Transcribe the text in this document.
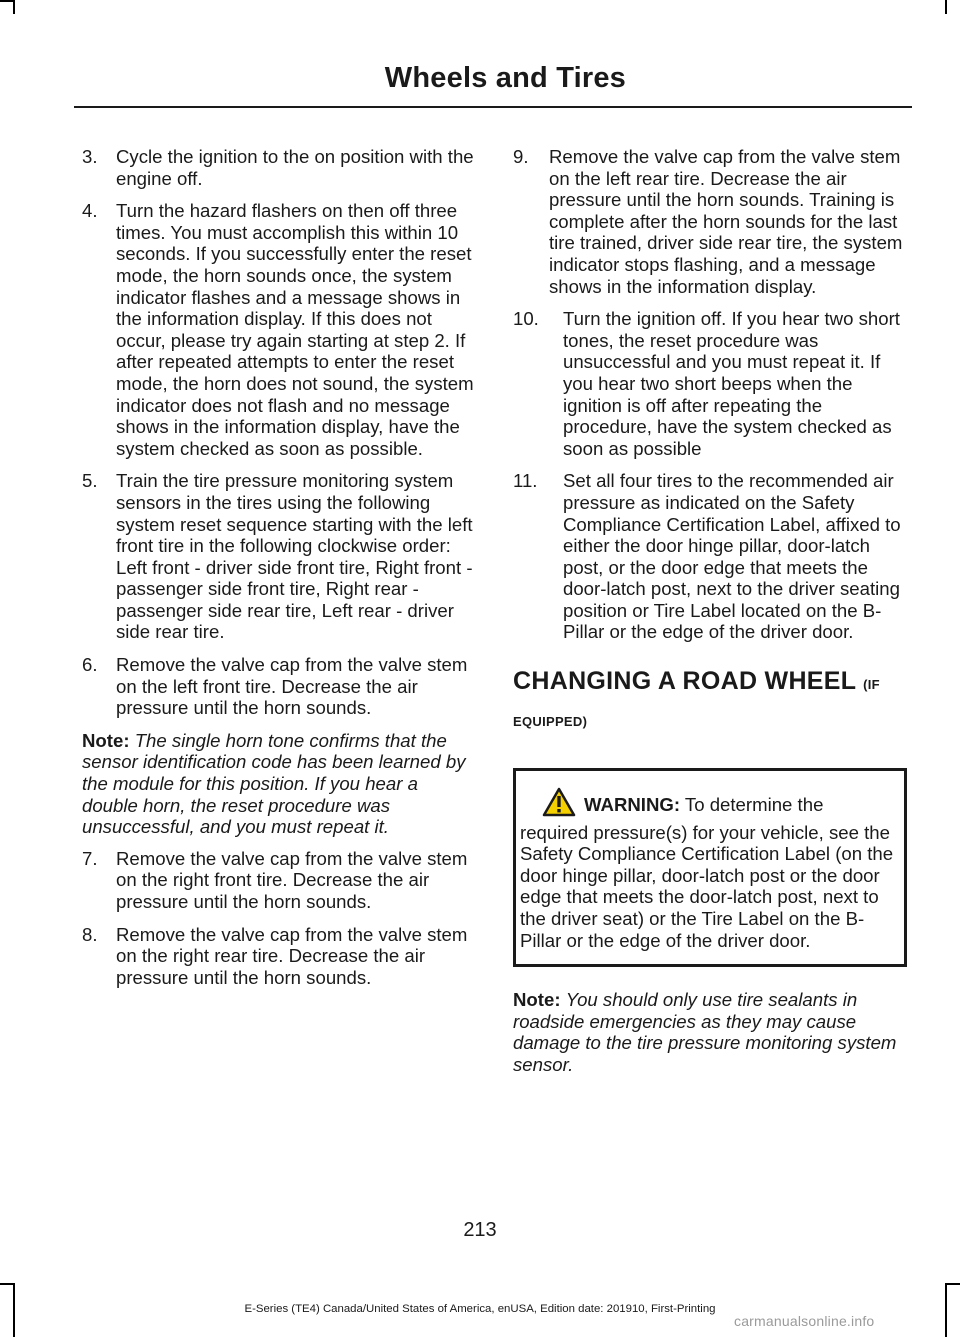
Wheels and Tires
3. Cycle the ignition to the on position with the engine off.
4. Turn the hazard flashers on then off three times. You must accomplish this within 10 seconds. If you successfully enter the reset mode, the horn sounds once, the system indicator flashes and a message shows in the information display. If this does not occur, please try again starting at step 2. If after repeated attempts to enter the reset mode, the horn does not sound, the system indicator does not flash and no message shows in the information display, have the system checked as soon as possible.
5. Train the tire pressure monitoring system sensors in the tires using the following system reset sequence starting with the left front tire in the following clockwise order: Left front - driver side front tire, Right front - passenger side front tire, Right rear - passenger side rear tire, Left rear - driver side rear tire.
6. Remove the valve cap from the valve stem on the left front tire. Decrease the air pressure until the horn sounds.

Note: The single horn tone confirms that the sensor identification code has been learned by the module for this position. If you hear a double horn, the reset procedure was unsuccessful, and you must repeat it.

7. Remove the valve cap from the valve stem on the right front tire. Decrease the air pressure until the horn sounds.
8. Remove the valve cap from the valve stem on the right rear tire. Decrease the air pressure until the horn sounds.
9. Remove the valve cap from the valve stem on the left rear tire. Decrease the air pressure until the horn sounds. Training is complete after the horn sounds for the last tire trained, driver side rear tire, the system indicator stops flashing, and a message shows in the information display.
10. Turn the ignition off. If you hear two short tones, the reset procedure was unsuccessful and you must repeat it. If you hear two short beeps when the ignition is off after repeating the procedure, have the system checked as soon as possible
11. Set all four tires to the recommended air pressure as indicated on the Safety Compliance Certification Label, affixed to either the door hinge pillar, door-latch post, or the door edge that meets the door-latch post, next to the driver seating position or Tire Label located on the B-Pillar or the edge of the driver door.
CHANGING A ROAD WHEEL (IF
EQUIPPED)
WARNING: To determine the required pressure(s) for your vehicle, see the Safety Compliance Certification Label (on the door hinge pillar, door-latch post or the door edge that meets the door-latch post, next to the driver seat) or the Tire Label on the B-Pillar or the edge of the driver door.

Note: You should only use tire sealants in roadside emergencies as they may cause damage to the tire pressure monitoring system sensor.

213
E-Series (TE4) Canada/United States of America, enUSA, Edition date: 201910, First-Printing
carmanualsonline.info
